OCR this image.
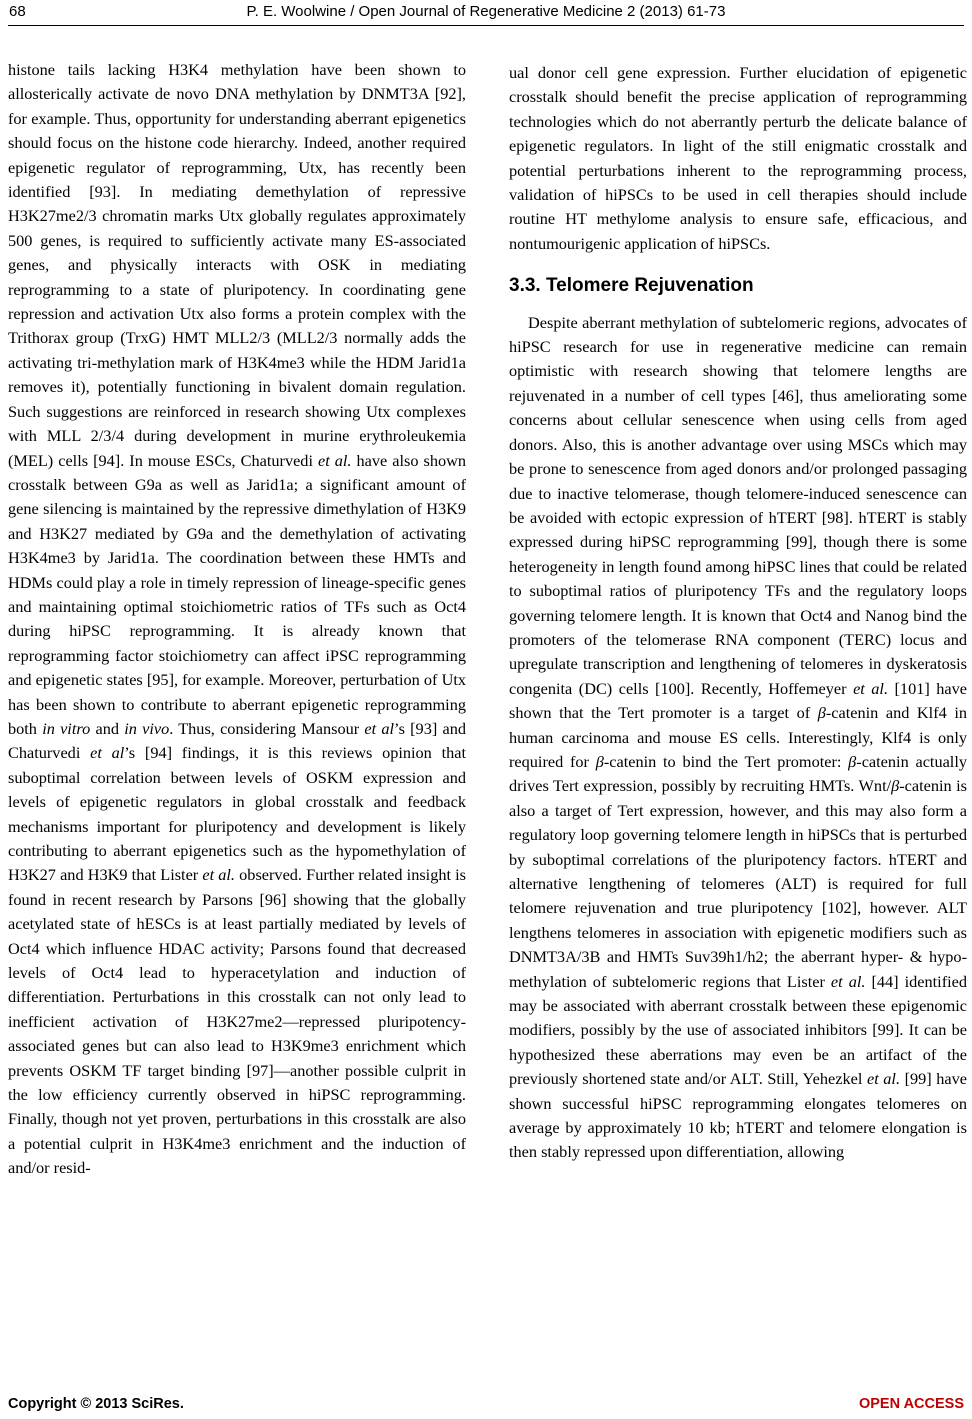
68	P. E. Woolwine / Open Journal of Regenerative Medicine 2 (2013) 61-73

histone tails lacking H3K4 methylation have been shown to allosterically activate de novo DNA methylation by DNMT3A [92], for example. Thus, opportunity for understanding aberrant epigenetics should focus on the histone code hierarchy. Indeed, another required epigenetic regulator of reprogramming, Utx, has recently been identified [93]. In mediating demethylation of repressive H3K27me2/3 chromatin marks Utx globally regulates approximately 500 genes, is required to sufficiently activate many ES-associated genes, and physically interacts with OSK in mediating reprogramming to a state of pluripotency. In coordinating gene repression and activation Utx also forms a protein complex with the Trithorax group (TrxG) HMT MLL2/3 (MLL2/3 normally adds the activating tri-methylation mark of H3K4me3 while the HDM Jarid1a removes it), potentially functioning in bivalent domain regulation. Such suggestions are reinforced in research showing Utx complexes with MLL 2/3/4 during development in murine erythroleukemia (MEL) cells [94]. In mouse ESCs, Chaturvedi et al. have also shown crosstalk between G9a as well as Jarid1a; a significant amount of gene silencing is maintained by the repressive dimethylation of H3K9 and H3K27 mediated by G9a and the demethylation of activating H3K4me3 by Jarid1a. The coordination between these HMTs and HDMs could play a role in timely repression of lineage-specific genes and maintaining optimal stoichiometric ratios of TFs such as Oct4 during hiPSC reprogramming. It is already known that reprogramming factor stoichiometry can affect iPSC reprogramming and epigenetic states [95], for example. Moreover, perturbation of Utx has been shown to contribute to aberrant epigenetic reprogramming both in vitro and in vivo. Thus, considering Mansour et al’s [93] and Chaturvedi et al’s [94] findings, it is this reviews opinion that suboptimal correlation between levels of OSKM expression and levels of epigenetic regulators in global crosstalk and feedback mechanisms important for pluripotency and development is likely contributing to aberrant epigenetics such as the hypomethylation of H3K27 and H3K9 that Lister et al. observed. Further related insight is found in recent research by Parsons [96] showing that the globally acetylated state of hESCs is at least partially mediated by levels of Oct4 which influence HDAC activity; Parsons found that decreased levels of Oct4 lead to hyperacetylation and induction of differentiation. Perturbations in this crosstalk can not only lead to inefficient activation of H3K27me2—repressed pluripotency-associated genes but can also lead to H3K9me3 enrichment which prevents OSKM TF target binding [97]—another possible culprit in the low efficiency currently observed in hiPSC reprogramming. Finally, though not yet proven, perturbations in this crosstalk are also a potential culprit in H3K4me3 enrichment and the induction of and/or resid-

ual donor cell gene expression. Further elucidation of epigenetic crosstalk should benefit the precise application of reprogramming technologies which do not aberrantly perturb the delicate balance of epigenetic regulators. In light of the still enigmatic crosstalk and potential perturbations inherent to the reprogramming process, validation of hiPSCs to be used in cell therapies should include routine HT methylome analysis to ensure safe, efficacious, and nontumourigenic application of hiPSCs.

3.3. Telomere Rejuvenation

Despite aberrant methylation of subtelomeric regions, advocates of hiPSC research for use in regenerative medicine can remain optimistic with research showing that telomere lengths are rejuvenated in a number of cell types [46], thus ameliorating some concerns about cellular senescence when using cells from aged donors. Also, this is another advantage over using MSCs which may be prone to senescence from aged donors and/or prolonged passaging due to inactive telomerase, though telomere-induced senescence can be avoided with ectopic expression of hTERT [98]. hTERT is stably expressed during hiPSC reprogramming [99], though there is some heterogeneity in length found among hiPSC lines that could be related to suboptimal ratios of pluripotency TFs and the regulatory loops governing telomere length. It is known that Oct4 and Nanog bind the promoters of the telomerase RNA component (TERC) locus and upregulate transcription and lengthening of telomeres in dyskeratosis congenita (DC) cells [100]. Recently, Hoffemeyer et al. [101] have shown that the Tert promoter is a target of β-catenin and Klf4 in human carcinoma and mouse ES cells. Interestingly, Klf4 is only required for β-catenin to bind the Tert promoter: β-catenin actually drives Tert expression, possibly by recruiting HMTs. Wnt/β-catenin is also a target of Tert expression, however, and this may also form a regulatory loop governing telomere length in hiPSCs that is perturbed by suboptimal correlations of the pluripotency factors. hTERT and alternative lengthening of telomeres (ALT) is required for full telomere rejuvenation and true pluripotency [102], however. ALT lengthens telomeres in association with epigenetic modifiers such as DNMT3A/3B and HMTs Suv39h1/h2; the aberrant hyper- & hypo-methylation of subtelomeric regions that Lister et al. [44] identified may be associated with aberrant crosstalk between these epigenomic modifiers, possibly by the use of associated inhibitors [99]. It can be hypothesized these aberrations may even be an artifact of the previously shortened state and/or ALT. Still, Yehezkel et al. [99] have shown successful hiPSC reprogramming elongates telomeres on average by approximately 10 kb; hTERT and telomere elongation is then stably repressed upon differentiation, allowing

Copyright © 2013 SciRes.	OPEN ACCESS
